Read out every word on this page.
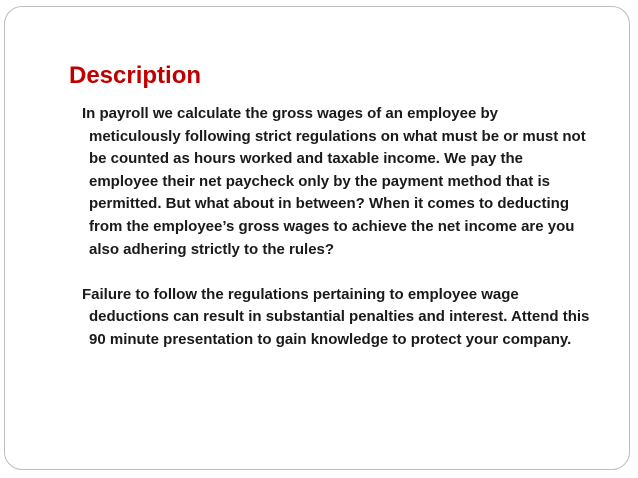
Description

In payroll we calculate the gross wages of an employee by meticulously following strict regulations on what must be or must not be counted as hours worked and taxable income. We pay the employee their net paycheck only by the payment method that is permitted. But what about in between? When it comes to deducting from the employee’s gross wages to achieve the net income are you also adhering strictly to the rules?

Failure to follow the regulations pertaining to employee wage deductions can result in substantial penalties and interest. Attend this 90 minute presentation to gain knowledge to protect your company.
